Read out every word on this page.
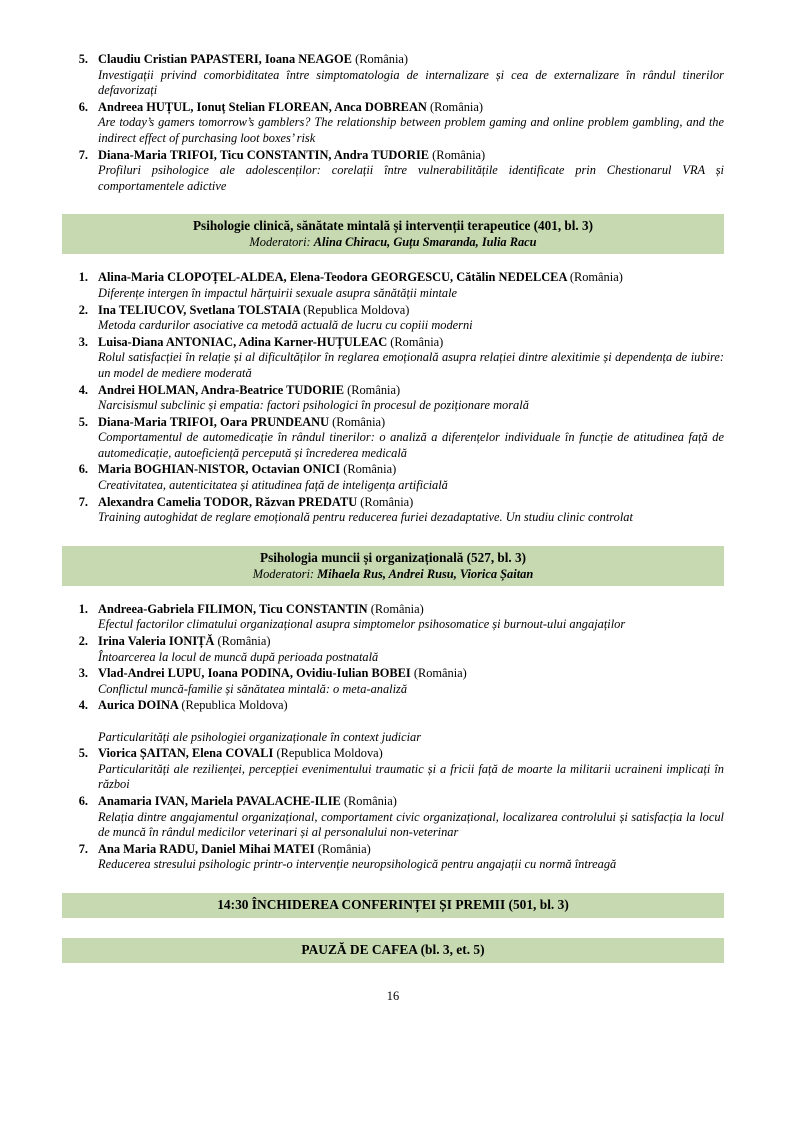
5. Claudiu Cristian PAPASTERI, Ioana NEAGOE (România)
Investigații privind comorbiditatea între simptomatologia de internalizare și cea de externalizare în rândul tinerilor defavorizați
6. Andreea HUȚUL, Ionuț Stelian FLOREAN, Anca DOBREAN (România)
Are today’s gamers tomorrow’s gamblers? The relationship between problem gaming and online problem gambling, and the indirect effect of purchasing loot boxes’ risk
7. Diana-Maria TRIFOI, Ticu CONSTANTIN, Andra TUDORIE (România)
Profiluri psihologice ale adolescenților: corelații între vulnerabilitățile identificate prin Chestionarul VRA și comportamentele adictive
Psihologie clinică, sănătate mintală și intervenții terapeutice (401, bl. 3)
Moderatori: Alina Chiracu, Guțu Smaranda, Iulia Racu
1. Alina-Maria CLOPOȚEL-ALDEA, Elena-Teodora GEORGESCU, Cătălin NEDELCEA (România)
Diferențe intergen în impactul hărțuirii sexuale asupra sănătății mintale
2. Ina TELIUCOV, Svetlana TOLSTAIA (Republica Moldova)
Metoda cardurilor asociative ca metodă actuală de lucru cu copiii moderni
3. Luisa-Diana ANTONIAC, Adina Karner-HUȚULEAC (România)
Rolul satisfacției în relație și al dificultăților în reglarea emoțională asupra relației dintre alexitimie și dependența de iubire: un model de mediere moderată
4. Andrei HOLMAN, Andra-Beatrice TUDORIE (România)
Narcisismul subclinic și empatia: factori psihologici în procesul de poziționare morală
5. Diana-Maria TRIFOI, Oara PRUNDEANU (România)
Comportamentul de automedicație în rândul tinerilor: o analiză a diferențelor individuale în funcție de atitudinea față de automedicație, autoeficiență percepută și încrederea medicală
6. Maria BOGHIAN-NISTOR, Octavian ONICI (România)
Creativitatea, autenticitatea și atitudinea față de inteligența artificială
7. Alexandra Camelia TODOR, Răzvan PREDATU (România)
Training autoghidat de reglare emoțională pentru reducerea furiei dezadaptative. Un studiu clinic controlat
Psihologia muncii și organizațională (527, bl. 3)
Moderatori: Mihaela Rus, Andrei Rusu, Viorica Șaitan
1. Andreea-Gabriela FILIMON, Ticu CONSTANTIN (România)
Efectul factorilor climatului organizațional asupra simptomelor psihosomatice și burnout-ului angajaților
2. Irina Valeria IONIȚĂ (România)
Întoarcerea la locul de muncă după perioada postnatală
3. Vlad-Andrei LUPU, Ioana PODINA, Ovidiu-Iulian BOBEI (România)
Conflictul muncă-familie și sănătatea mintală: o meta-analiză
4. Aurica DOINA (Republica Moldova)
Particularități ale psihologiei organizaționale în context judiciar
5. Viorica ȘAITAN, Elena COVALI (Republica Moldova)
Particularități ale rezilienței, percepției evenimentului traumatic și a fricii față de moarte la militarii ucraineni implicați în război
6. Anamaria IVAN, Mariela PAVALACHE-ILIE (România)
Relația dintre angajamentul organizațional, comportament civic organizațional, localizarea controlului și satisfacția la locul de muncă în rândul medicilor veterinari și al personalului non-veterinar
7. Ana Maria RADU, Daniel Mihai MATEI (România)
Reducerea stresului psihologic printr-o intervenție neuropsihologică pentru angajații cu normă întreagă
14:30 ÎNCHIDEREA CONFERINȚEI ȘI PREMII (501, bl. 3)
PAUZĂ DE CAFEA (bl. 3, et. 5)
16
